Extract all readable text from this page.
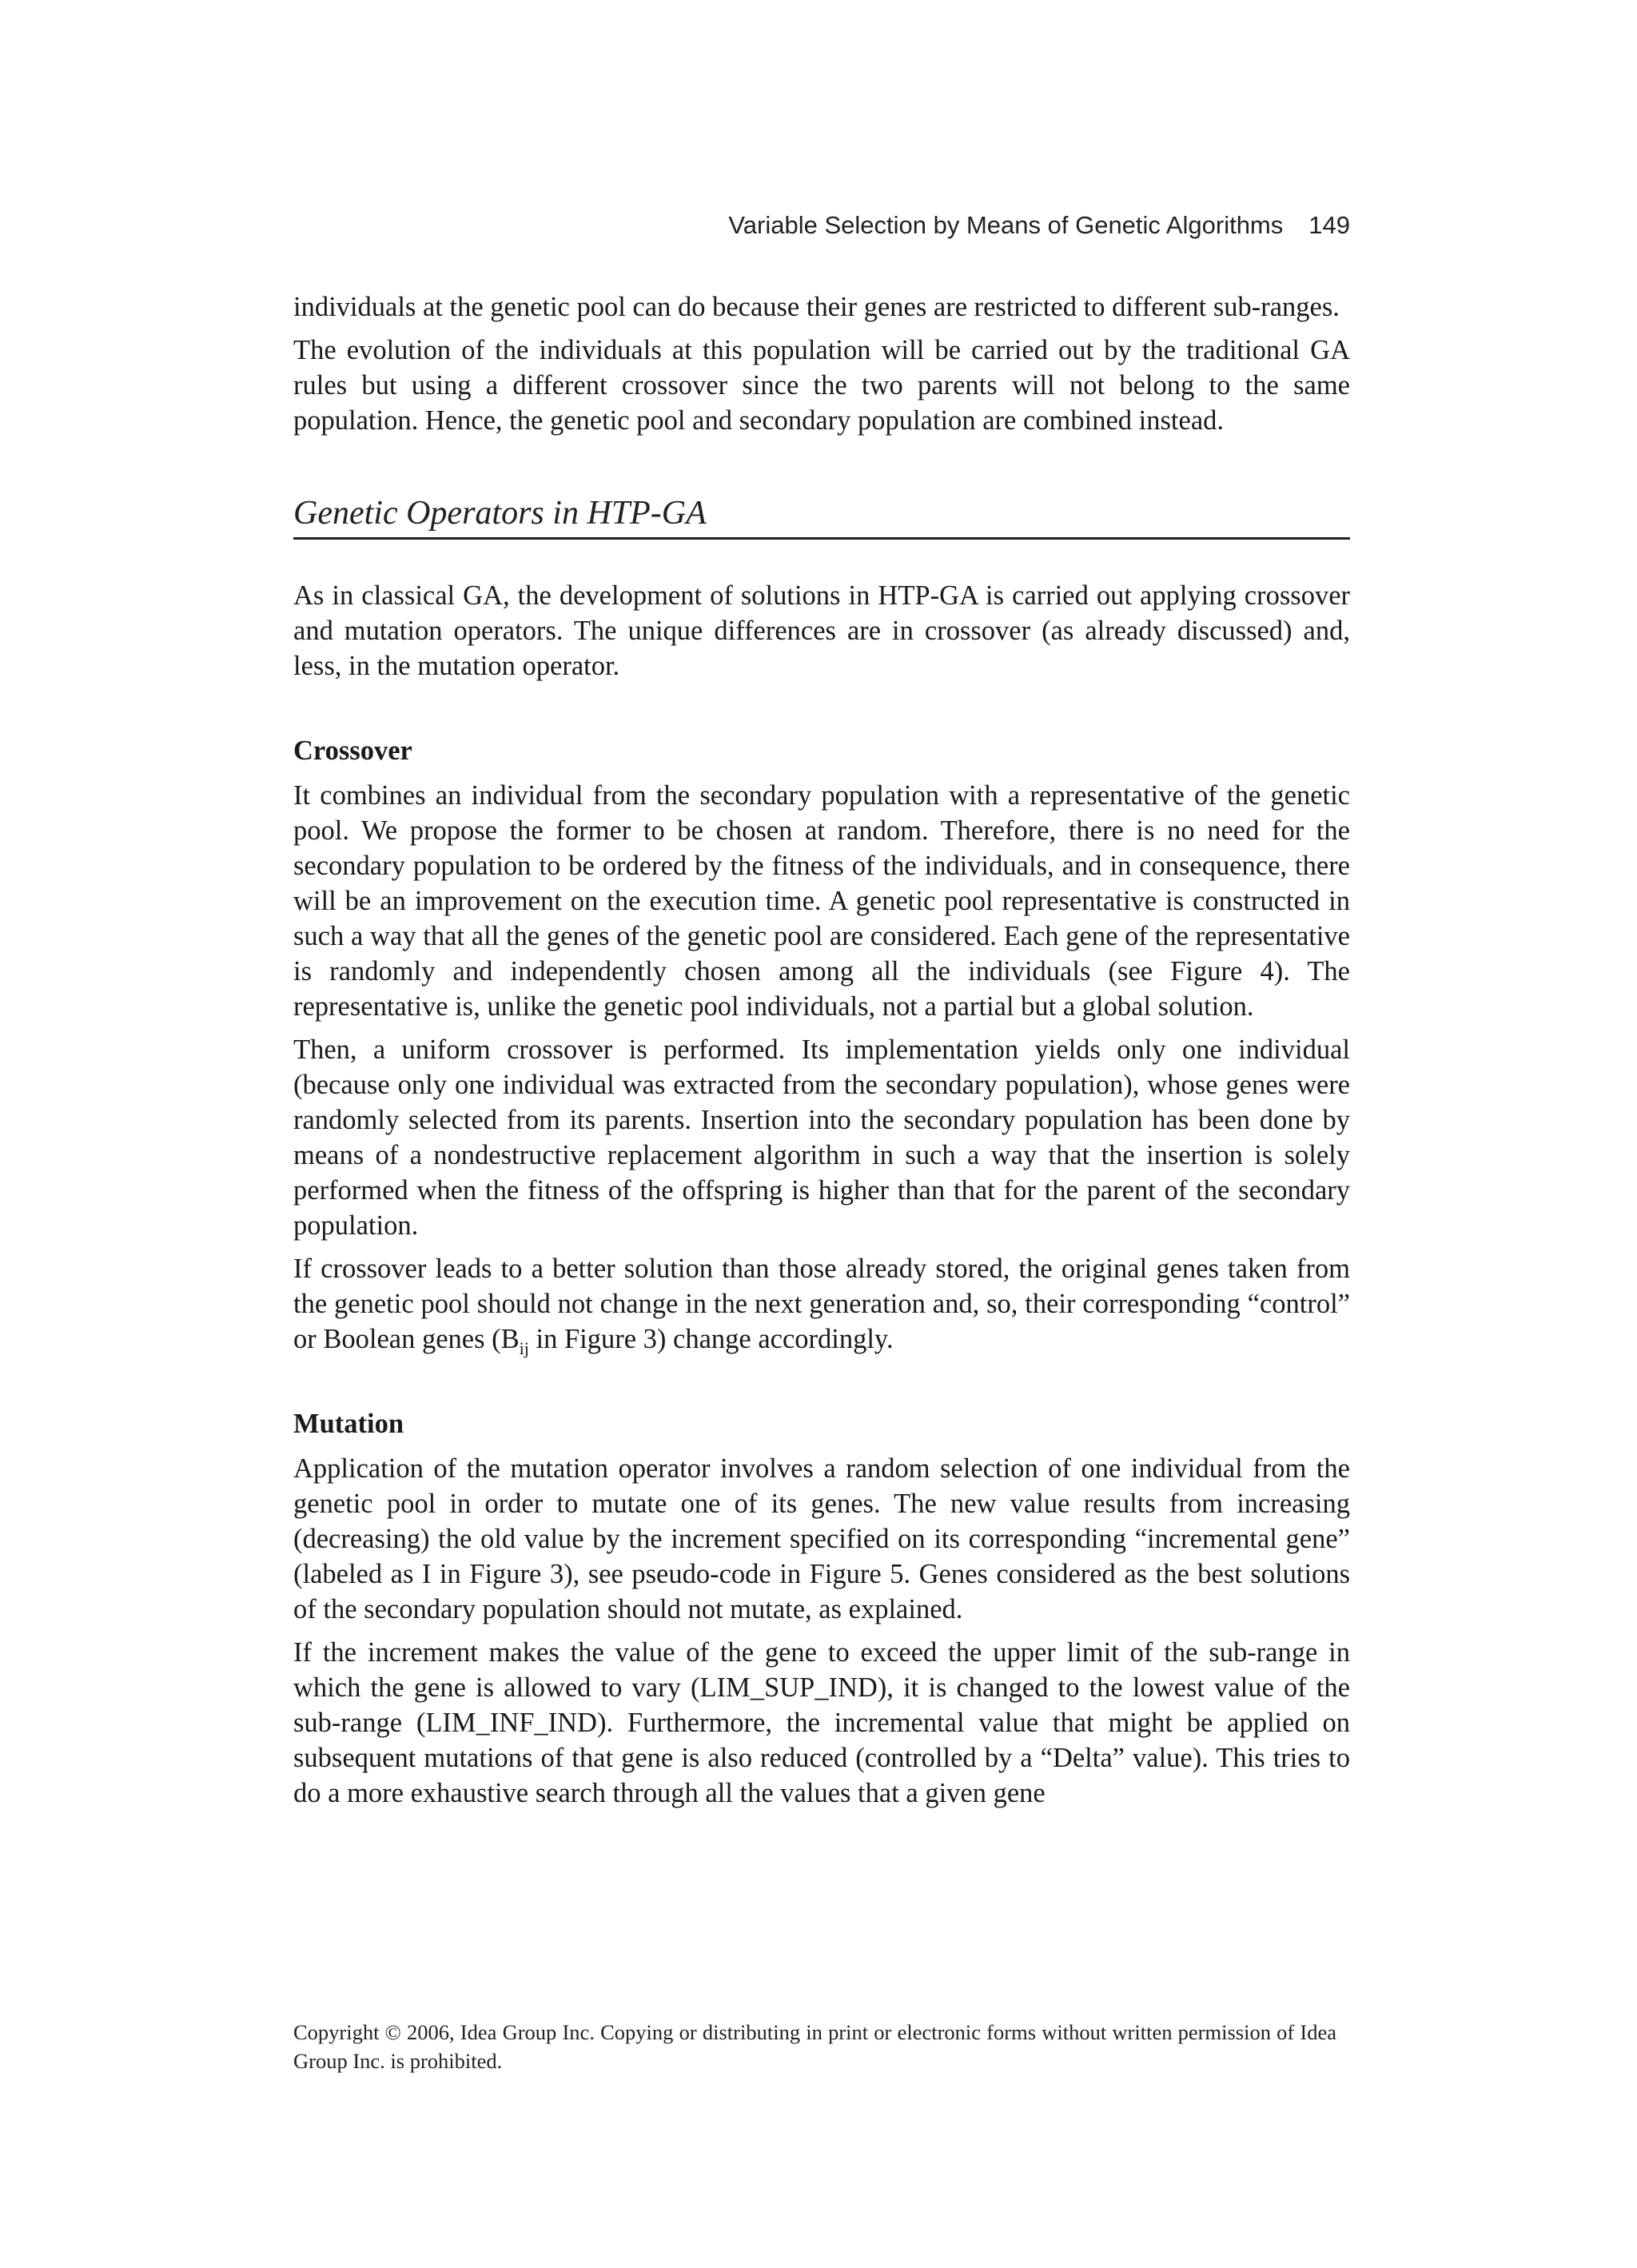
Variable Selection by Means of Genetic Algorithms 149

individuals at the genetic pool can do because their genes are restricted to different sub-ranges.

The evolution of the individuals at this population will be carried out by the traditional GA rules but using a different crossover since the two parents will not belong to the same population. Hence, the genetic pool and secondary population are combined instead.

Genetic Operators in HTP-GA

As in classical GA, the development of solutions in HTP-GA is carried out applying crossover and mutation operators. The unique differences are in crossover (as already discussed) and, less, in the mutation operator.

Crossover

It combines an individual from the secondary population with a representative of the genetic pool. We propose the former to be chosen at random. Therefore, there is no need for the secondary population to be ordered by the fitness of the individuals, and in consequence, there will be an improvement on the execution time. A genetic pool representative is constructed in such a way that all the genes of the genetic pool are considered. Each gene of the representative is randomly and independently chosen among all the individuals (see Figure 4). The representative is, unlike the genetic pool individuals, not a partial but a global solution.

Then, a uniform crossover is performed. Its implementation yields only one individual (because only one individual was extracted from the secondary population), whose genes were randomly selected from its parents. Insertion into the secondary population has been done by means of a nondestructive replacement algorithm in such a way that the insertion is solely performed when the fitness of the offspring is higher than that for the parent of the secondary population.

If crossover leads to a better solution than those already stored, the original genes taken from the genetic pool should not change in the next generation and, so, their corresponding “control” or Boolean genes ($B_{ij}$ in Figure 3) change accordingly.

Mutation

Application of the mutation operator involves a random selection of one individual from the genetic pool in order to mutate one of its genes. The new value results from increasing (decreasing) the old value by the increment specified on its corresponding “incremental gene” (labeled as I in Figure 3), see pseudo-code in Figure 5. Genes considered as the best solutions of the secondary population should not mutate, as explained.

If the increment makes the value of the gene to exceed the upper limit of the sub-range in which the gene is allowed to vary (LIM_SUP_IND), it is changed to the lowest value of the sub-range (LIM_INF_IND). Furthermore, the incremental value that might be applied on subsequent mutations of that gene is also reduced (controlled by a “Delta” value). This tries to do a more exhaustive search through all the values that a given gene

Copyright © 2006, Idea Group Inc. Copying or distributing in print or electronic forms without written permission of Idea Group Inc. is prohibited.
